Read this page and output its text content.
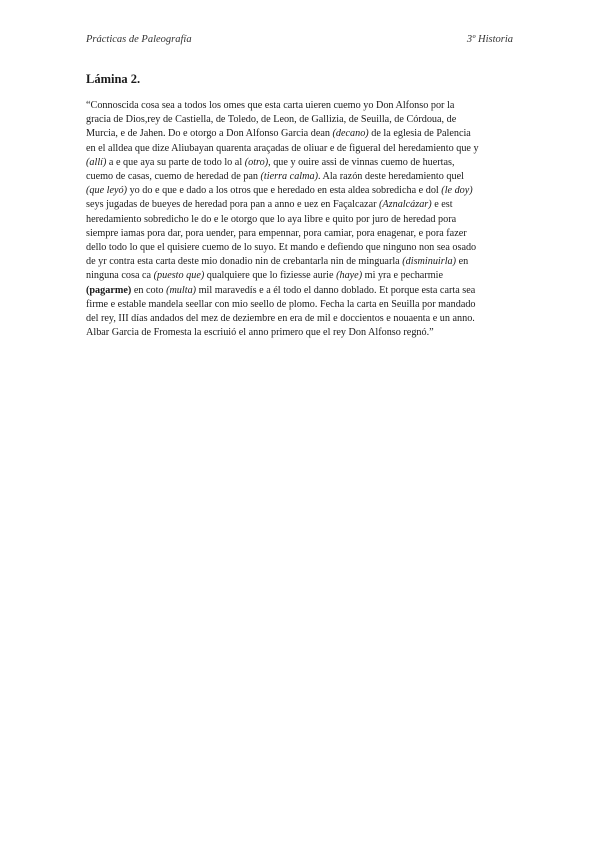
Prácticas de Paleografía	3º Historia
Lámina 2.
“Connoscida cosa sea a todos los omes que esta carta uieren cuemo yo Don Alfonso por la
gracia de Dios,rey de Castiella, de Toledo, de Leon, de Gallizia, de Seuilla, de Córdoua, de
Murcia, e de Jahen. Do e otorgo a Don Alfonso Garcia dean (decano) de la eglesia de Palencia
en el alldea que dize Aliubayan quarenta araçadas de oliuar e de figueral del heredamiento que y
(allí) a e que aya su parte de todo lo al (otro), que y ouire assi de vinnas cuemo de huertas,
cuemo de casas, cuemo de heredad de pan (tierra calma). Ala razón deste heredamiento quel
(que leyó) yo do e que e dado a los otros que e heredado en esta aldea sobredicha e dol (le doy)
seys jugadas de bueyes de heredad pora pan a anno e uez en Façalcazar (Aznalcázar) e est
heredamiento sobredicho le do e le otorgo que lo aya libre e quito por juro de heredad pora
siempre iamas pora dar, pora uender, para empennar, pora camiar, pora enagenar, e pora fazer
dello todo lo que el quisiere cuemo de lo suyo. Et mando e defiendo que ninguno non sea osado
de yr contra esta carta deste mio donadio nin de crebantarla nin de minguarla (disminuirla) en
ninguna cosa ca (puesto que) qualquiere que lo fiziesse aurie (haye) mi yra e pecharmie
(pagarme) en coto (multa) mil maravedís e a él todo el danno doblado. Et porque esta carta sea
firme e estable mandela seellar con mio seello de plomo. Fecha la carta en Seuilla por mandado
del rey, III días andados del mez de deziembre en era de mil e doccientos e nouaenta e un anno.
Albar Garcia de Fromesta la escriuió el anno primero que el rey Don Alfonso regnó.”
